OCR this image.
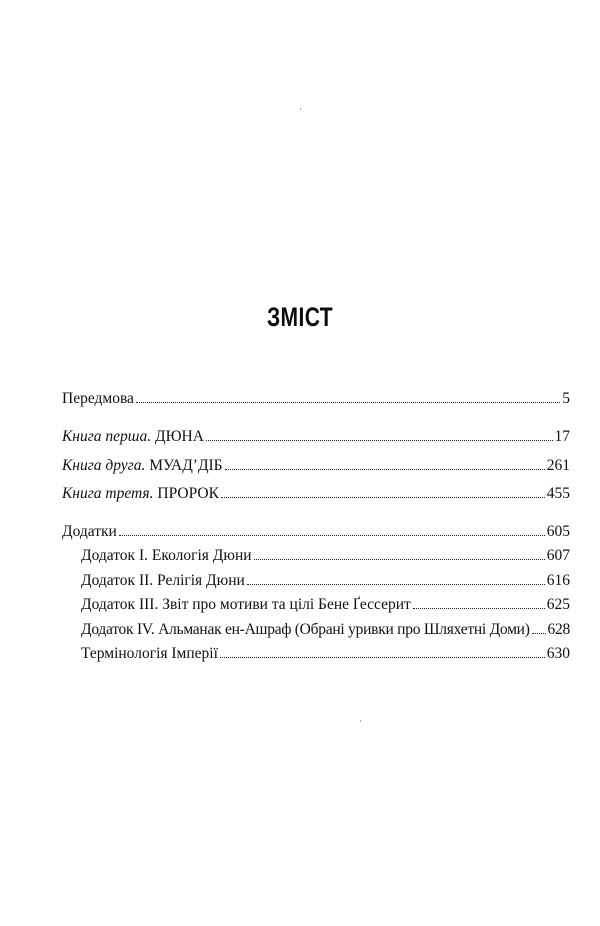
ЗМІСТ
Передмова	5
Книга перша. ДЮНА	17
Книга друга. МУАД’ДІБ	261
Книга третя. ПРОРОК	455
Додатки	605
Додаток І. Екологія Дюни	607
Додаток ІІ. Релігія Дюни	616
Додаток ІІІ. Звіт про мотиви та цілі Бене Ґессерит	625
Додаток IV. Альманак ен-Ашраф (Обрані уривки про Шляхетні Доми) 628
Термінологія Імперії	630
